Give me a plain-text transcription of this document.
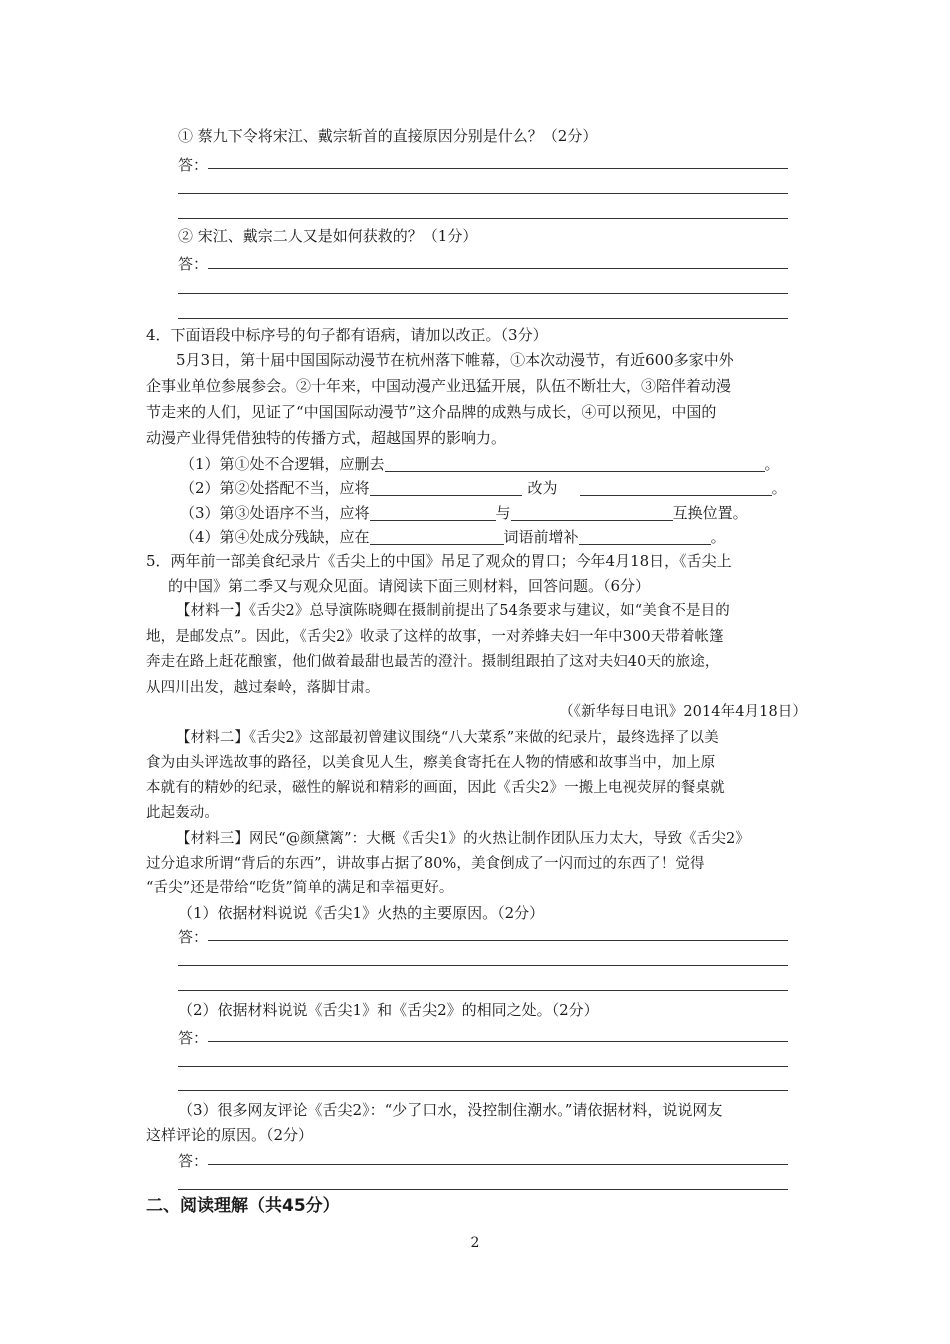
① 蔡九下令将宋江、戴宗斩首的直接原因分别是什么？（2分）
答：
② 宋江、戴宗二人又是如何获救的？（1分）
答：
4．下面语段中标序号的句子都有语病，请加以改正。（3分）
5月3日，第十届中国国际动漫节在杭州落下帷幕，①本次动漫节，有近600多家中外
企事业单位参展参会。②十年来，中国动漫产业迅猛开展，队伍不断壮大，③陪伴着动漫
节走来的人们，见证了“中国国际动漫节”这介品牌的成熟与成长，④可以预见，中国的
动漫产业得凭借独特的传播方式，超越国界的影响力。
（1）第①处不合逻辑，应删去	。
（2）第②处搭配不当，应将	改为	。
（3）第③处语序不当，应将	与	互换位置。
（4）第④处成分残缺，应在	词语前增补	。
5．两年前一部美食纪录片《舌尖上的中国》吊足了观众的胃口；今年4月18日，《舌尖上
的中国》第二季又与观众见面。请阅读下面三则材料，回答问题。（6分）
【材料一】《舌尖2》总导演陈晓卿在摄制前提出了54条要求与建议，如“美食不是目的
地，是邮发点”。因此，《舌尖2》收录了这样的故事，一对养蜂夫妇一年中300天带着帐篷
奔走在路上赶花酿蜜，他们做着最甜也最苦的澄汁。摄制组跟拍了这对夫妇40天的旅途，
从四川出发，越过秦岭，落脚甘肃。
（《新华每日电讯》2014年4月18日）
【材料二】《舌尖2》这部最初曾建议围绕“八大菜系”来做的纪录片，最终选择了以美
食为由头评选故事的路径，以美食见人生，瘵美食寄托在人物的情感和故事当中，加上原
本就有的精妙的纪录，磁性的解说和精彩的画面，因此《舌尖2》一搬上电视荧屏的餐桌就
此起轰动。
【材料三】网民“@颜黛篱”：大概《舌尖1》的火热让制作团队压力太大，导致《舌尖2》
过分追求所谓“背后的东西”，讲故事占据了80%，美食倒成了一闪而过的东西了！觉得
“舌尖”还是带给“吃货”简单的满足和幸福更好。
（1）依据材料说说《舌尖1》火热的主要原因。（2分）
答：
（2）依据材料说说《舌尖1》和《舌尖2》的相同之处。（2分）
答：
（3）很多网友评论《舌尖2》：“少了口水，没控制住潮水。”请依据材料，说说网友
这样评论的原因。（2分）
答：
二、阅读理解（共45分）
2
